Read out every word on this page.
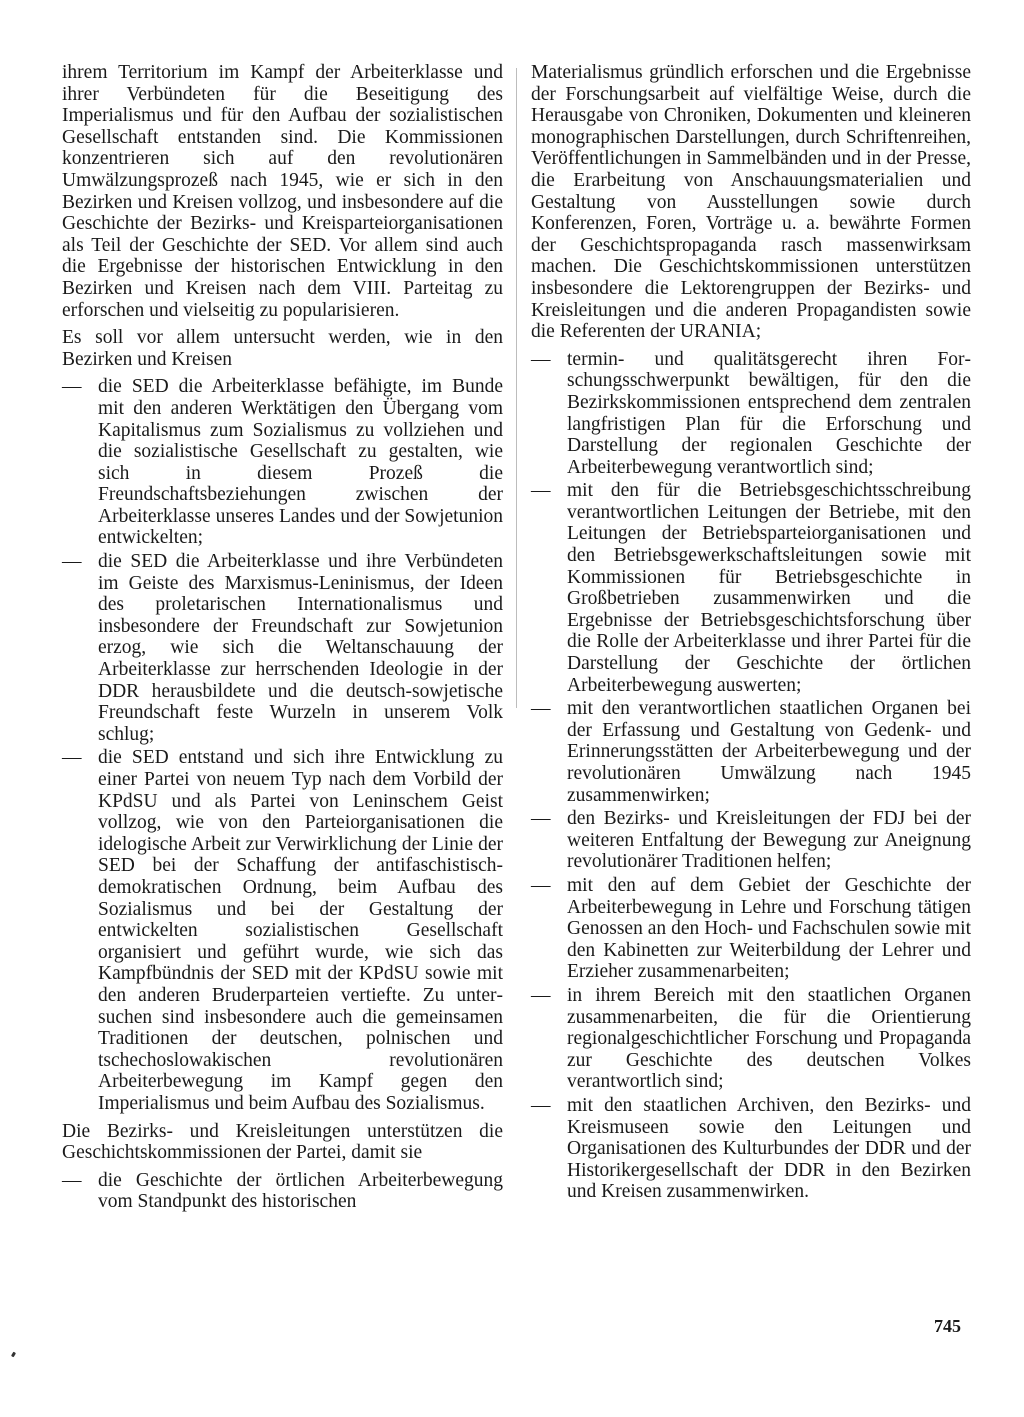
ihrem Territorium im Kampf der Arbeiterklasse und ihrer Verbündeten für die Beseitigung des Imperialismus und für den Aufbau der sozialistischen Gesellschaft entstanden sind. Die Kommissionen konzentrieren sich auf den revolutionären Umwälzungsprozeß nach 1945, wie er sich in den Bezirken und Kreisen vollzog, und insbesondere auf die Geschichte der Bezirks- und Kreisparteiorganisationen als Teil der Geschichte der SED. Vor allem sind auch die Ergebnisse der historischen Entwicklung in den Bezirken und Kreisen nach dem VIII. Parteitag zu erforschen und vielseitig zu popularisieren.

Es soll vor allem untersucht werden, wie in den Bezirken und Kreisen

— die SED die Arbeiterklasse befähigte, im Bunde mit den anderen Werktätigen den Übergang vom Kapitalismus zum Sozialismus zu vollziehen und die sozialistische Gesellschaft zu gestalten, wie sich in diesem Prozeß die Freundschaftsbeziehungen zwischen der Arbeiterklasse unseres Landes und der Sowjetunion entwickelten;
— die SED die Arbeiterklasse und ihre Verbündeten im Geiste des Marxismus-Leninismus, der Ideen des proletarischen Internationalismus und insbesondere der Freundschaft zur Sowjetunion erzog, wie sich die Weltanschauung der Arbeiterklasse zur herrschenden Ideologie in der DDR herausbildete und die deutsch-sowjetische Freundschaft feste Wurzeln in unserem Volk schlug;
— die SED entstand und sich ihre Entwicklung zu einer Partei von neuem Typ nach dem Vorbild der KPdSU und als Partei von Leninschem Geist vollzog, wie von den Parteiorganisationen die idelogische Arbeit zur Verwirklichung der Linie der SED bei der Schaffung der antifaschistisch-demokratischen Ordnung, beim Aufbau des Sozialismus und bei der Gestaltung der entwickelten sozialistischen Gesellschaft organisiert und geführt wurde, wie sich das Kampfbündnis der SED mit der KPdSU sowie mit den anderen Bruderparteien vertiefte. Zu untersuchen sind insbesondere auch die gemeinsamen Traditionen der deutschen, polnischen und tschechoslowakischen revolutionären Arbeiterbewegung im Kampf gegen den Imperialismus und beim Aufbau des Sozialismus.

Die Bezirks- und Kreisleitungen unterstützen die Geschichtskommissionen der Partei, damit sie

— die Geschichte der örtlichen Arbeiterbewegung vom Standpunkt des historischen

Materialismus gründlich erforschen und die Ergebnisse der Forschungsarbeit auf vielfältige Weise, durch die Herausgabe von Chroniken, Dokumenten und kleineren monographischen Darstellungen, durch Schriftenreihen, Veröffentlichungen in Sammelbänden und in der Presse, die Erarbeitung von Anschauungsmaterialien und Gestaltung von Ausstellungen sowie durch Konferenzen, Foren, Vorträge u. a. bewährte Formen der Geschichtspropaganda rasch massenwirksam machen. Die Geschichtskommissionen unterstützen insbesondere die Lektorengruppen der Bezirks- und Kreisleitungen und die anderen Propagandisten sowie die Referenten der URANIA;

— termin- und qualitätsgerecht ihren Forschungsschwerpunkt bewältigen, für den die Bezirkskommissionen entsprechend dem zentralen langfristigen Plan für die Erforschung und Darstellung der regionalen Geschichte der Arbeiterbewegung verantwortlich sind;
— mit den für die Betriebsgeschichtsschreibung verantwortlichen Leitungen der Betriebe, mit den Leitungen der Betriebsparteiorganisationen und den Betriebsgewerkschaftsleitungen sowie mit Kommissionen für Betriebsgeschichte in Großbetrieben zusammenwirken und die Ergebnisse der Betriebsgeschichtsforschung über die Rolle der Arbeiterklasse und ihrer Partei für die Darstellung der Geschichte der örtlichen Arbeiterbewegung auswerten;
— mit den verantwortlichen staatlichen Organen bei der Erfassung und Gestaltung von Gedenk- und Erinnerungsstätten der Arbeiterbewegung und der revolutionären Umwälzung nach 1945 zusammenwirken;
— den Bezirks- und Kreisleitungen der FDJ bei der weiteren Entfaltung der Bewegung zur Aneignung revolutionärer Traditionen helfen;
— mit den auf dem Gebiet der Geschichte der Arbeiterbewegung in Lehre und Forschung tätigen Genossen an den Hoch- und Fachschulen sowie mit den Kabinetten zur Weiterbildung der Lehrer und Erzieher zusammenarbeiten;
— in ihrem Bereich mit den staatlichen Organen zusammenarbeiten, die für die Orientierung regionalgeschichtlicher Forschung und Propaganda zur Geschichte des deutschen Volkes verantwortlich sind;
— mit den staatlichen Archiven, den Bezirks- und Kreismuseen sowie den Leitungen und Organisationen des Kulturbundes der DDR und der Historikergesellschaft der DDR in den Bezirken und Kreisen zusammenwirken.
745
